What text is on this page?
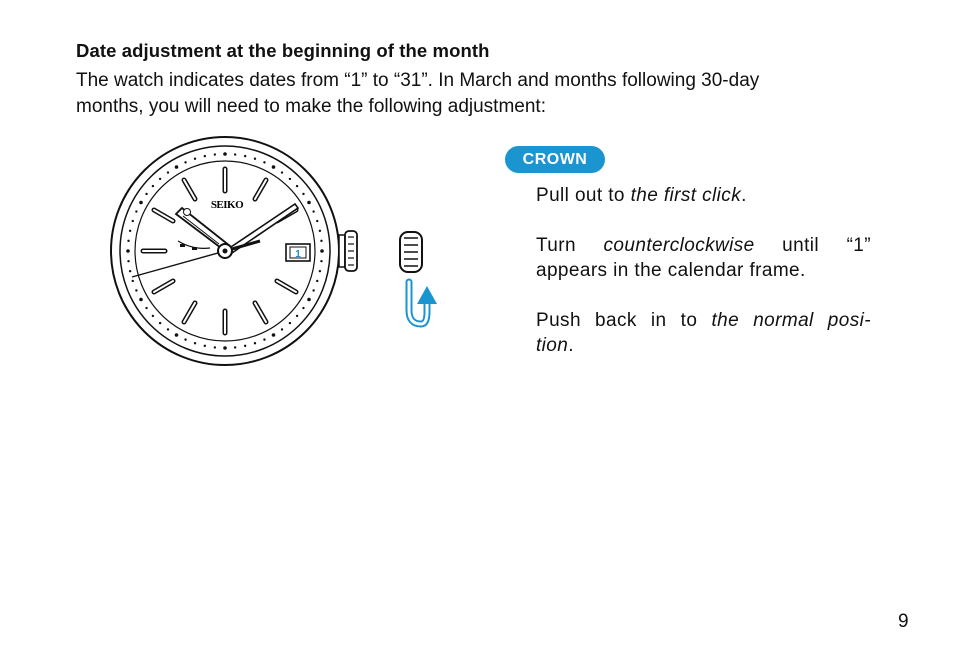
Date adjustment at the beginning of the month
The watch indicates dates from “1” to “31”. In March and months following 30-day
months, you will need to make the following adjustment:
SEIKO
1
CROWN

Pull out to the first click.

Turn counterclockwise until “1”
appears in the calendar frame.

Push back in to the normal posi-
tion.

9
